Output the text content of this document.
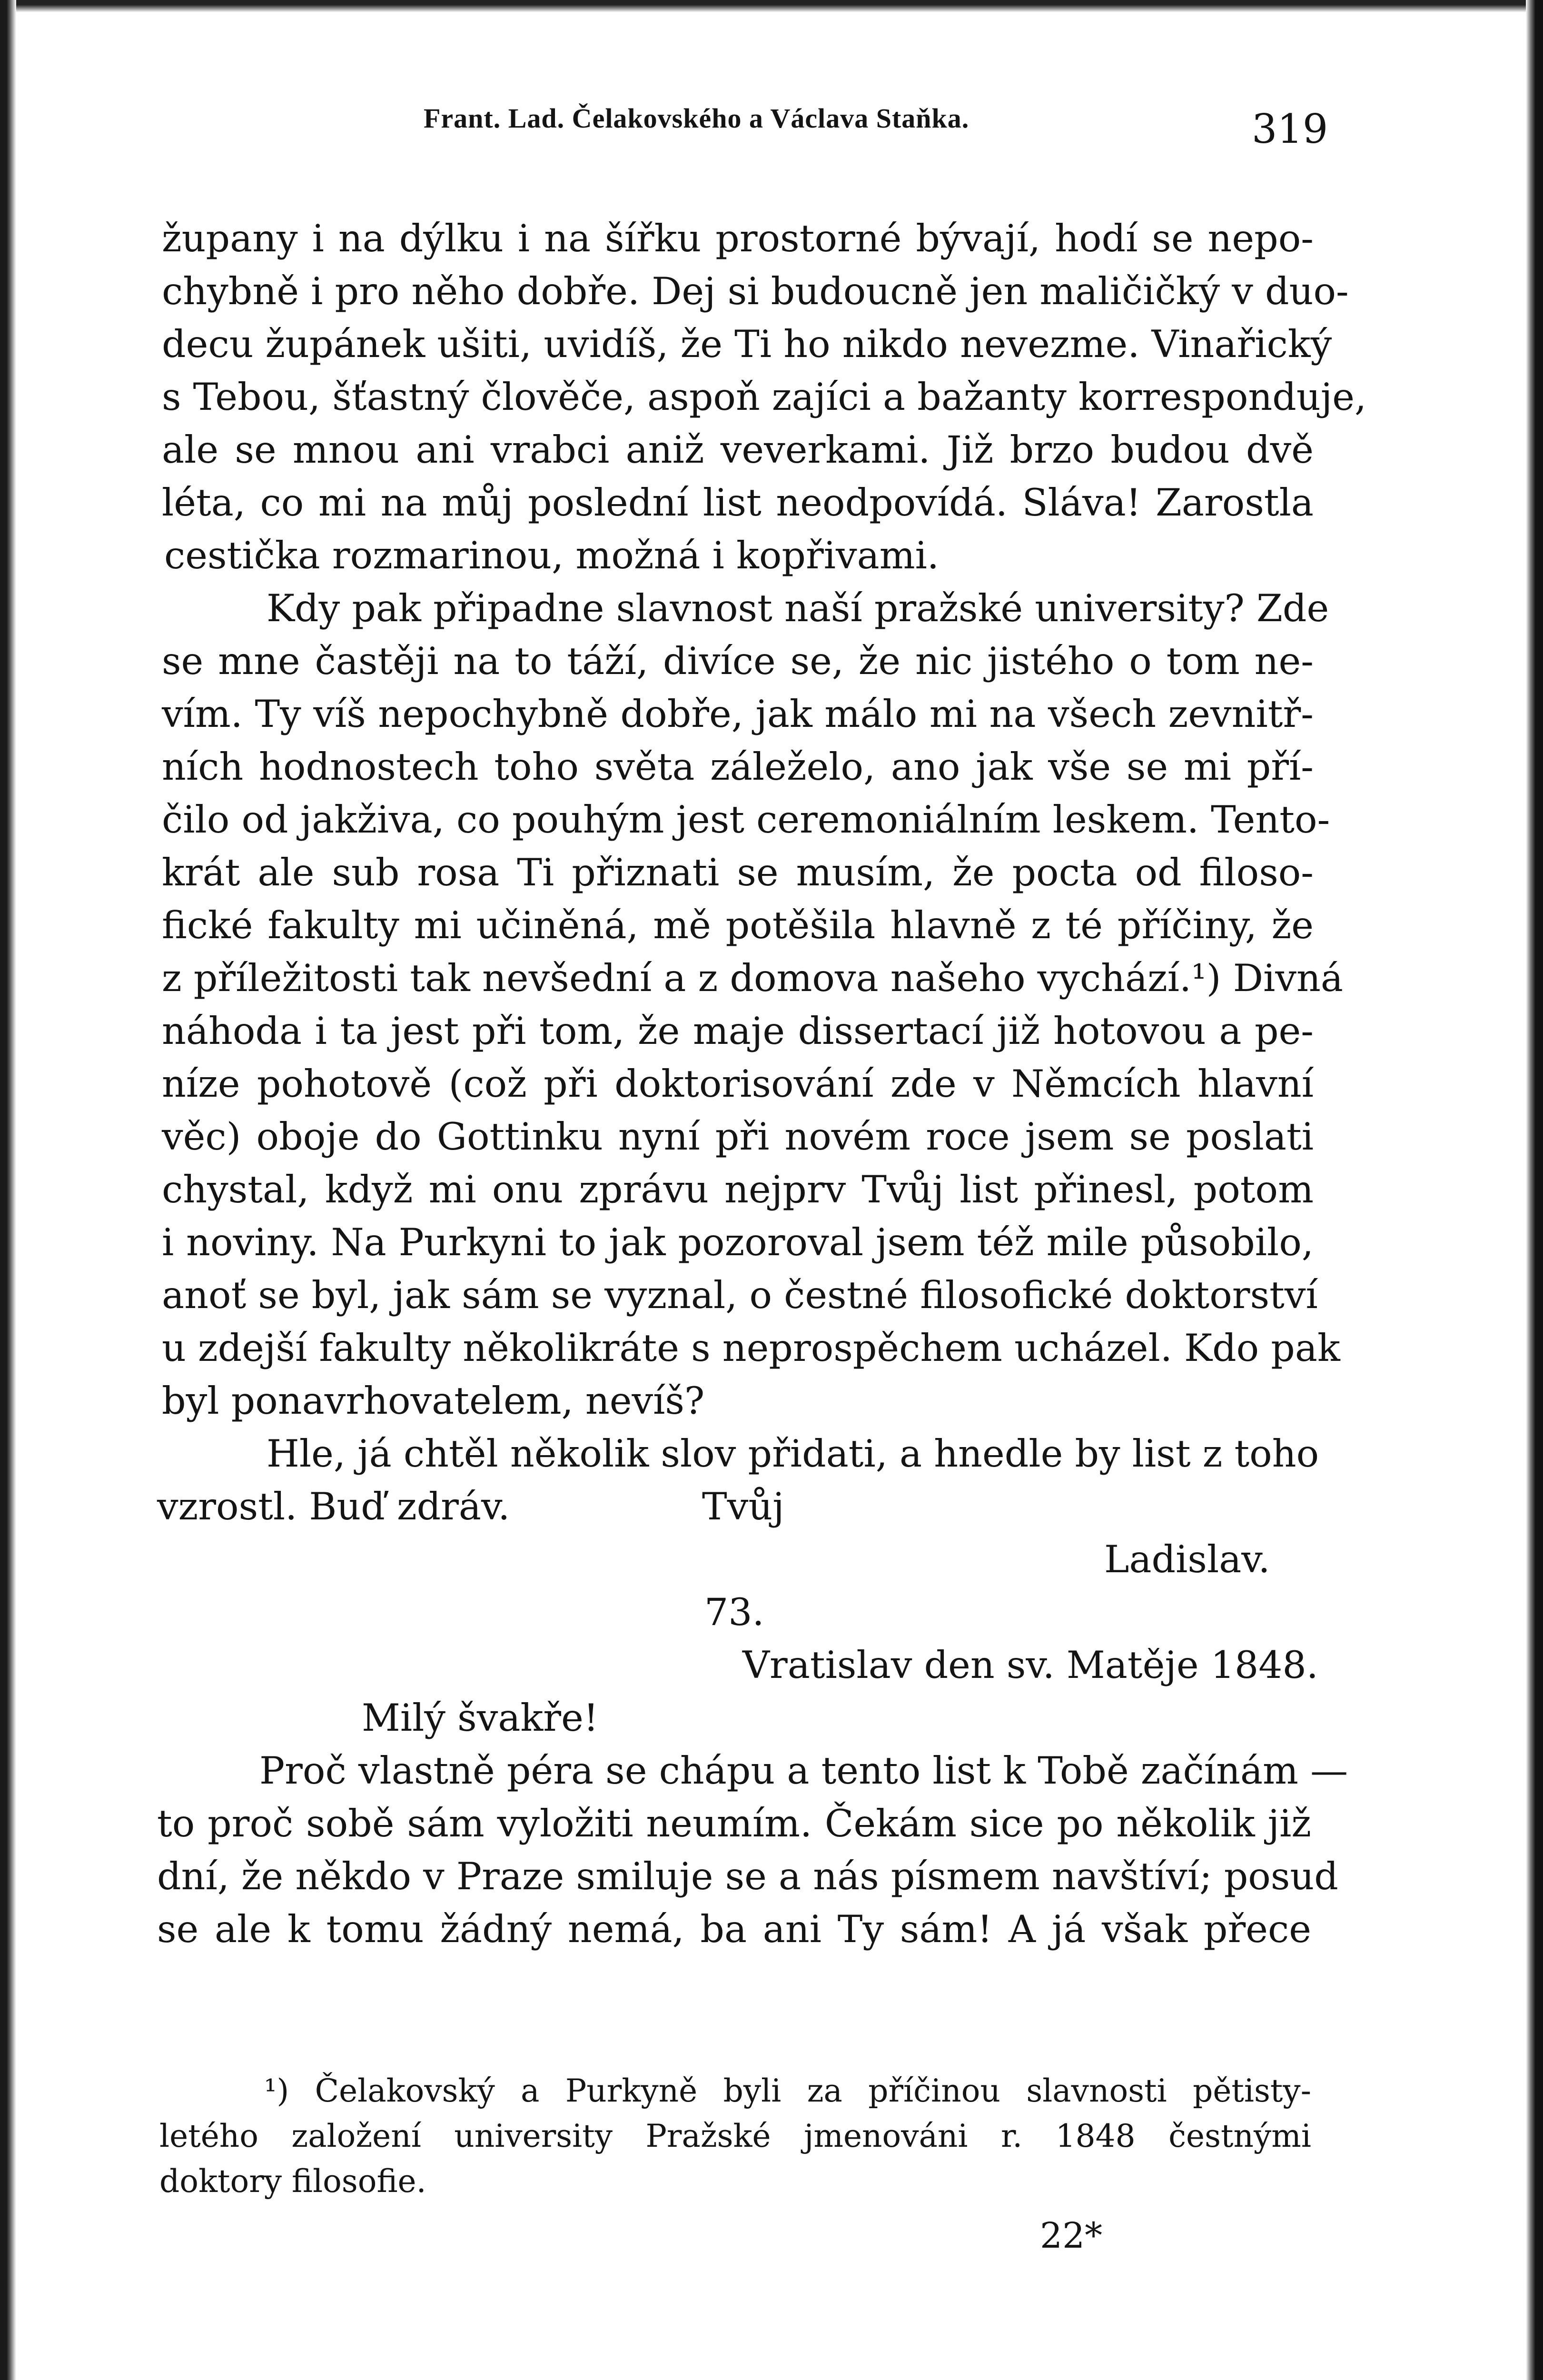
Frant. Lad. Čelakovského a Václava Staňka.	319
župany i na dýlku i na šířku prostorné bývají, hodí se nepo-
chybně i pro něho dobře. Dej si budoucně jen maličičký v duo-
decu župánek ušiti, uvidíš, že Ti ho nikdo nevezme. Vinařický
s Tebou, šťastný člověče, aspoň zajíci a bažanty korresponduje,
ale se mnou ani vrabci aniž veverkami. Již brzo budou dvě
léta, co mi na můj poslední list neodpovídá. Sláva! Zarostla
cestička rozmarinou, možná i kopřivami.
Kdy pak připadne slavnost naší pražské university? Zde
se mne častěji na to táží, divíce se, že nic jistého o tom ne-
vím. Ty víš nepochybně dobře, jak málo mi na všech zevnitř-
ních hodnostech toho světa záleželo, ano jak vše se mi pří-
čilo od jakživa, co pouhým jest ceremoniálním leskem. Tento-
krát ale sub rosa Ti přiznati se musím, že pocta od filoso-
fické fakulty mi učiněná, mě potěšila hlavně z té příčiny, že
z příležitosti tak nevšední a z domova našeho vychází.¹) Divná
náhoda i ta jest při tom, že maje dissertací již hotovou a pe-
níze pohotově (což při doktorisování zde v Němcích hlavní
věc) oboje do Gottinku nyní při novém roce jsem se poslati
chystal, když mi onu zprávu nejprv Tvůj list přinesl, potom
i noviny. Na Purkyni to jak pozoroval jsem též mile působilo,
anoť se byl, jak sám se vyznal, o čestné filosofické doktorství
u zdejší fakulty několikráte s neprospěchem ucházel. Kdo pak
byl ponavrhovatelem, nevíš?
Hle, já chtěl několik slov přidati, a hnedle by list z toho
vzrostl. Buď zdráv.	Tvůj
Ladislav.
73.
Vratislav den sv. Matěje 1848.
Milý švakře!
Proč vlastně péra se chápu a tento list k Tobě začínám —
to proč sobě sám vyložiti neumím. Čekám sice po několik již
dní, že někdo v Praze smiluje se a nás písmem navštíví; posud
se ale k tomu žádný nemá, ba ani Ty sám! A já však přece
¹) Čelakovský a Purkyně byli za příčinou slavnosti pětisty-
letého založení university Pražské jmenováni r. 1848 čestnými
doktory filosofie.
22*
